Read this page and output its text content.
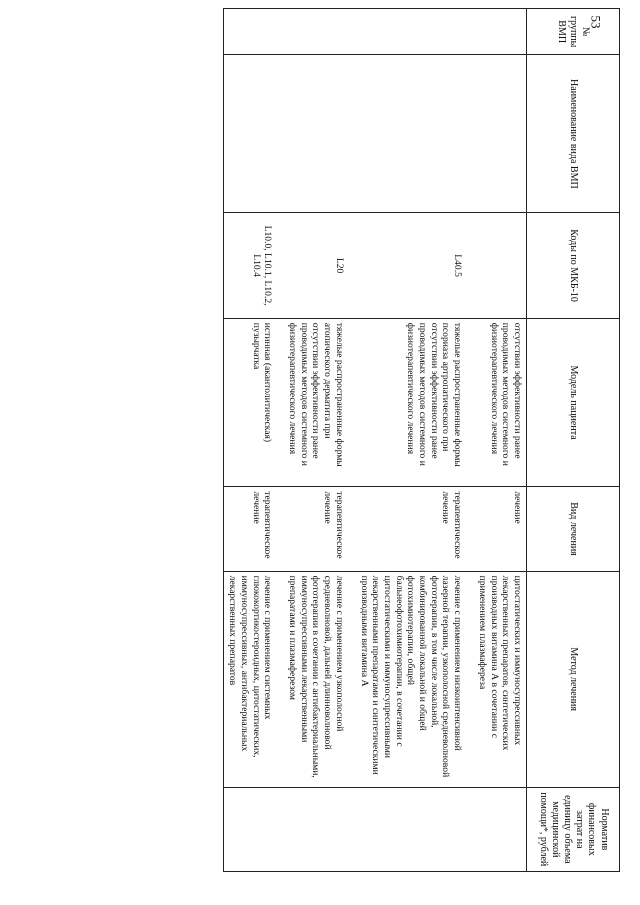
53
№ группы ВМП	Наименование вида ВМП	Коды по МКБ-10	Модель пациента	Вид лечения	Метод лечения	Норматив финансовых затрат на единицу объема медицинской помощи*, рублей
			отсутствии эффективности ранее проводимых методов системного и физиотерапевтического лечения	лечение	цитостатических и иммуносупрессивных лекарственных препаратов, синтетических производных витамина А в сочетании с применением плазмафереза	
		L40.5	тяжелые распространенные формы псориаза артропатического при отсутствии эффективности ранее проводимых методов системного и физиотерапевтического лечения	терапевтическое лечение	лечение с применением низкоинтенсивной лазерной терапии, узкополосной средневолновой фототерапии, в том числе локальной, комбинированной локальной и общей фотохимиотерапии, общей бальнеофотохимиотерапии, в сочетании с цитостатическими и иммуносупрессивными лекарственными препаратами и синтетическими производными витамина А	
		L20	тяжелые распространенные формы атопического дерматита при отсутствии эффективности ранее проводимых методов системного и физиотерапевтического лечения	терапевтическое лечение	лечение с применением узкополосной средневолновой, дальней длинноволновой фототерапии в сочетании с антибактериальными, иммуносупрессивными лекарственными препаратами и плазмаферезом	
		L10.0, L10.1, L10.2, L10.4	истинная (акантолитическая) пузырчатка	терапевтическое лечение	лечение с применением системных глюкокортикостероидных, цитостатических, иммуносупрессивных, антибактериальных лекарственных препаратов	
